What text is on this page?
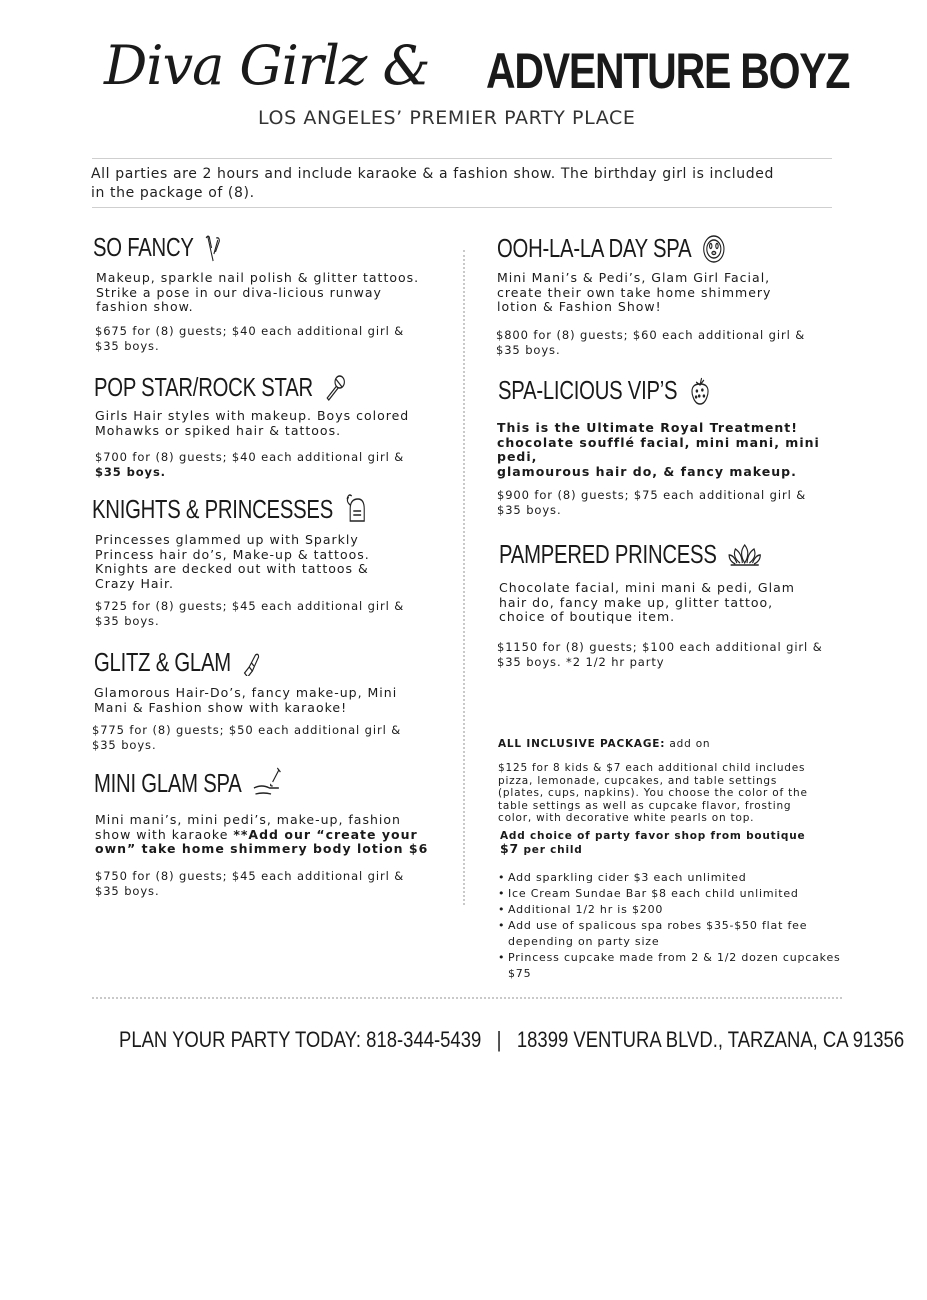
Diva Girlz & ADVENTURE BOYZ
LOS ANGELES’ PREMIER PARTY PLACE
All parties are 2 hours and include karaoke & a fashion show. The birthday girl is included
in the package of (8).
SO FANCY
Makeup, sparkle nail polish & glitter tattoos.
Strike a pose in our diva-licious runway
fashion show.
$675 for (8) guests; $40 each additional girl &
$35 boys.
POP STAR/ROCK STAR
Girls Hair styles with makeup. Boys colored
Mohawks or spiked hair & tattoos.
$700 for (8) guests; $40 each additional girl &
$35 boys.
KNIGHTS & PRINCESSES
Princesses glammed up with Sparkly
Princess hair do’s, Make-up & tattoos.
Knights are decked out with tattoos &
Crazy Hair.
$725 for (8) guests; $45 each additional girl &
$35 boys.
GLITZ & GLAM
Glamorous Hair-Do’s, fancy make-up, Mini
Mani & Fashion show with karaoke!
$775 for (8) guests; $50 each additional girl &
$35 boys.
MINI GLAM SPA
Mini mani’s, mini pedi’s, make-up, fashion
show with karaoke **Add our “create your
own” take home shimmery body lotion $6
$750 for (8) guests; $45 each additional girl &
$35 boys.
OOH-LA-LA DAY SPA
Mini Mani’s & Pedi’s, Glam Girl Facial,
create their own take home shimmery
lotion & Fashion Show!
$800 for (8) guests; $60 each additional girl &
$35 boys.
SPA-LICIOUS VIP’S
This is the Ultimate Royal Treatment!
chocolate soufflé facial, mini mani, mini pedi,
glamourous hair do, & fancy makeup.
$900 for (8) guests; $75 each additional girl &
$35 boys.
PAMPERED PRINCESS
Chocolate facial, mini mani & pedi, Glam
hair do, fancy make up, glitter tattoo,
choice of boutique item.
$1150 for (8) guests; $100 each additional girl &
$35 boys. *2 1/2 hr party
ALL INCLUSIVE PACKAGE: add on
$125 for 8 kids & $7 each additional child includes
pizza, lemonade, cupcakes, and table settings
(plates, cups, napkins). You choose the color of the
table settings as well as cupcake flavor, frosting
color, with decorative white pearls on top.
Add choice of party favor shop from boutique
$7 per child
• Add sparkling cider $3 each unlimited
• Ice Cream Sundae Bar $8 each child unlimited
• Additional 1/2 hr is $200
• Add use of spalicous spa robes $35-$50 flat fee depending on party size
• Princess cupcake made from 2 & 1/2 dozen cupcakes $75
PLAN YOUR PARTY TODAY: 818-344-5439   |   18399 VENTURA BLVD., TARZANA, CA 91356
